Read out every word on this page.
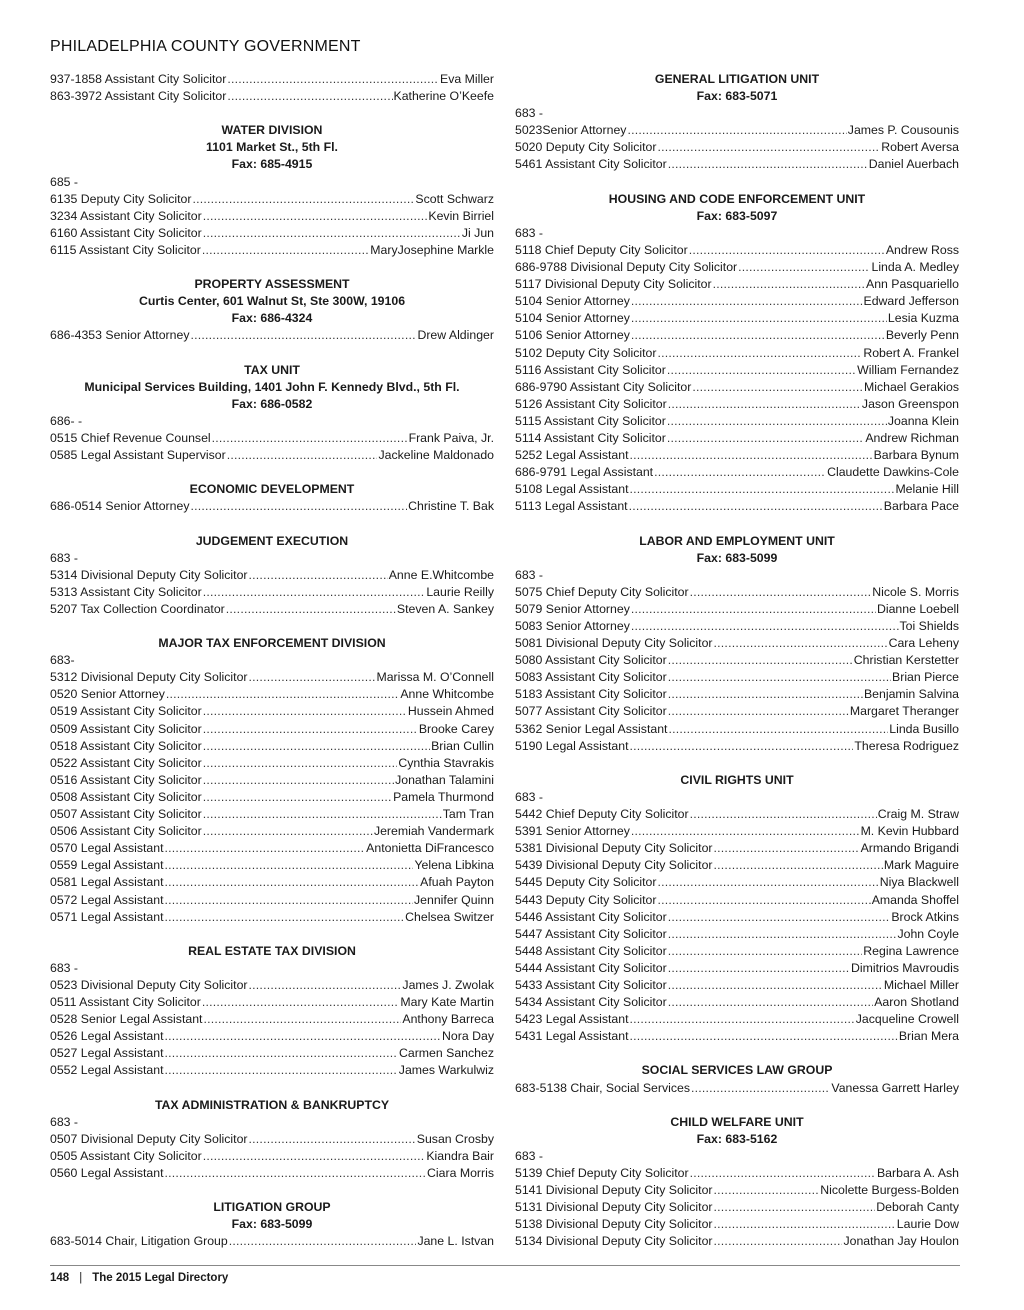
PHILADELPHIA COUNTY GOVERNMENT
937-1858 Assistant City Solicitor . . .	Eva Miller
863-3972 Assistant City Solicitor . . .	Katherine O’Keefe
WATER DIVISION
1101 Market St., 5th Fl.
Fax: 685-4915
685 -
6135 Deputy City Solicitor . . .	Scott Schwarz
3234 Assistant City Solicitor . . .	Kevin Birriel
6160 Assistant City Solicitor . . .	Ji Jun
6115 Assistant City Solicitor . . .	MaryJosephine Markle
PROPERTY ASSESSMENT
Curtis Center, 601 Walnut St, Ste 300W, 19106
Fax: 686-4324
686-4353 Senior Attorney . . .	Drew Aldinger
TAX UNIT
Municipal Services Building, 1401 John F. Kennedy Blvd., 5th Fl.
Fax: 686-0582
686- -
0515 Chief Revenue Counsel . . .	Frank Paiva, Jr.
0585 Legal Assistant Supervisor . . .	Jackeline Maldonado
ECONOMIC DEVELOPMENT
686-0514 Senior Attorney . . .	Christine T. Bak
JUDGEMENT EXECUTION
683 -
5314 Divisional Deputy City Solicitor . . .	Anne E.Whitcombe
5313 Assistant City Solicitor . . .	Laurie Reilly
5207 Tax Collection Coordinator . . .	Steven A. Sankey
MAJOR TAX ENFORCEMENT DIVISION
683-
5312 Divisional Deputy City Solicitor . . .	Marissa M. O’Connell
0520 Senior Attorney . . .	Anne Whitcombe
0519 Assistant City Solicitor . . .	Hussein Ahmed
0509 Assistant City Solicitor . . .	Brooke Carey
0518 Assistant City Solicitor . . .	Brian Cullin
0522 Assistant City Solicitor . . .	Cynthia Stavrakis
0516 Assistant City Solicitor . . .	Jonathan Talamini
0508 Assistant City Solicitor . . .	Pamela Thurmond
0507 Assistant City Solicitor . . .	Tam Tran
0506 Assistant City Solicitor . . .	Jeremiah Vandermark
0570 Legal Assistant . . .	Antonietta DiFrancesco
0559 Legal Assistant . . .	Yelena Libkina
0581 Legal Assistant . . .	Afuah Payton
0572 Legal Assistant . . .	Jennifer Quinn
0571 Legal Assistant . . .	Chelsea Switzer
REAL ESTATE TAX DIVISION
683 -
0523 Divisional Deputy City Solicitor . . .	James J. Zwolak
0511 Assistant City Solicitor . . .	Mary Kate Martin
0528 Senior Legal Assistant . . .	Anthony Barreca
0526 Legal Assistant . . .	Nora Day
0527 Legal Assistant . . .	Carmen Sanchez
0552 Legal Assistant . . .	James Warkulwiz
TAX ADMINISTRATION & BANKRUPTCY
683 -
0507 Divisional Deputy City Solicitor . . .	Susan Crosby
0505 Assistant City Solicitor . . .	Kiandra Bair
0560 Legal Assistant . . .	Ciara Morris
LITIGATION GROUP
Fax: 683-5099
683-5014 Chair, Litigation Group . . .	Jane L. Istvan
GENERAL LITIGATION UNIT
Fax: 683-5071
683 -
5023Senior Attorney . . .	James P. Cousounis
5020 Deputy City Solicitor . . .	Robert Aversa
5461 Assistant City Solicitor . . .	Daniel Auerbach
HOUSING AND CODE ENFORCEMENT UNIT
Fax: 683-5097
683 -
5118 Chief Deputy City Solicitor . . .	Andrew Ross
686-9788 Divisional Deputy City Solicitor . . .	Linda A. Medley
5117 Divisional Deputy City Solicitor . . .	Ann Pasquariello
5104 Senior Attorney . . .	Edward Jefferson
5104 Senior Attorney . . .	Lesia Kuzma
5106 Senior Attorney . . .	Beverly Penn
5102 Deputy City Solicitor . . .	Robert A. Frankel
5116 Assistant City Solicitor . . .	William Fernandez
686-9790 Assistant City Solicitor . . .	Michael Gerakios
5126 Assistant City Solicitor . . .	Jason Greenspon
5115 Assistant City Solicitor . . .	Joanna Klein
5114 Assistant City Solicitor . . .	Andrew Richman
5252 Legal Assistant . . .	Barbara Bynum
686-9791 Legal Assistant . . .	Claudette Dawkins-Cole
5108 Legal Assistant . . .	Melanie Hill
5113 Legal Assistant . . .	Barbara Pace
LABOR AND EMPLOYMENT UNIT
Fax: 683-5099
683 -
5075 Chief Deputy City Solicitor . . .	Nicole S. Morris
5079 Senior Attorney . . .	Dianne Loebell
5083 Senior Attorney . . .	Toi Shields
5081 Divisional Deputy City Solicitor . . .	Cara Leheny
5080 Assistant City Solicitor . . .	Christian Kerstetter
5083 Assistant City Solicitor . . .	Brian Pierce
5183 Assistant City Solicitor . . .	Benjamin Salvina
5077 Assistant City Solicitor . . .	Margaret Theranger
5362 Senior Legal Assistant . . .	Linda Busillo
5190 Legal Assistant . . .	Theresa Rodriguez
CIVIL RIGHTS UNIT
683 -
5442 Chief Deputy City Solicitor . . .	Craig M. Straw
5391 Senior Attorney . . .	M. Kevin Hubbard
5381 Divisional Deputy City Solicitor . . .	Armando Brigandi
5439 Divisional Deputy City Solicitor . . .	Mark Maguire
5445 Deputy City Solicitor . . .	Niya Blackwell
5443 Deputy City Solicitor . . .	Amanda Shoffel
5446 Assistant City Solicitor . . .	Brock Atkins
5447 Assistant City Solicitor . . .	John Coyle
5448 Assistant City Solicitor . . .	Regina Lawrence
5444 Assistant City Solicitor . . .	Dimitrios Mavroudis
5433 Assistant City Solicitor . . .	Michael Miller
5434 Assistant City Solicitor . . .	Aaron Shotland
5423 Legal Assistant . . .	Jacqueline Crowell
5431 Legal Assistant . . .	Brian Mera
SOCIAL SERVICES LAW GROUP
683-5138 Chair, Social Services . . .	Vanessa Garrett Harley
CHILD WELFARE UNIT
Fax: 683-5162
683 -
5139 Chief Deputy City Solicitor . . .	Barbara A. Ash
5141 Divisional Deputy City Solicitor . . .	Nicolette Burgess-Bolden
5131 Divisional Deputy City Solicitor . . .	Deborah Canty
5138 Divisional Deputy City Solicitor . . .	Laurie Dow
5134 Divisional Deputy City Solicitor . . .	Jonathan Jay Houlon
148 | The 2015 Legal Directory
